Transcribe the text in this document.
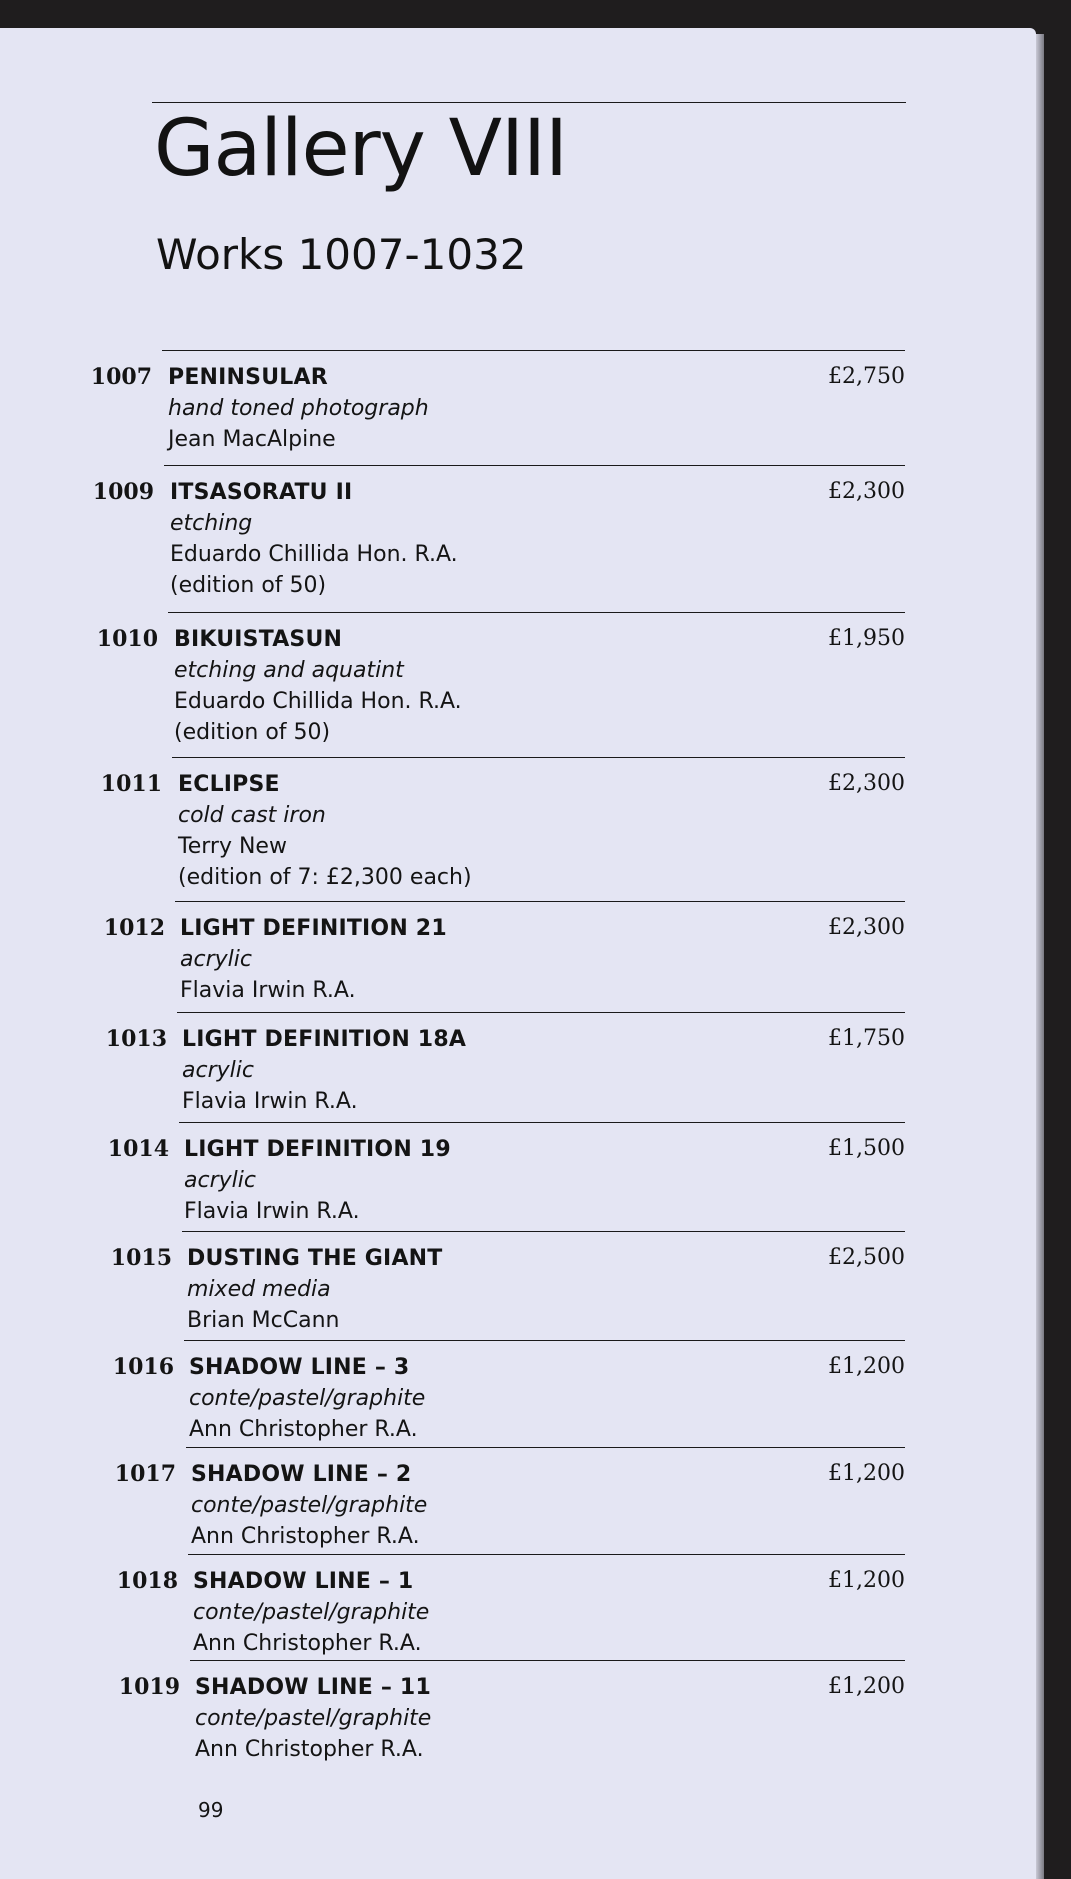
Gallery VIII
Works 1007-1032
1007 PENINSULAR
hand toned photograph
Jean MacAlpine
£2,750
1009 ITSASORATU II
etching
Eduardo Chillida Hon. R.A.
(edition of 50)
£2,300
1010 BIKUISTASUN
etching and aquatint
Eduardo Chillida Hon. R.A.
(edition of 50)
£1,950
1011 ECLIPSE
cold cast iron
Terry New
(edition of 7: £2,300 each)
£2,300
1012 LIGHT DEFINITION 21
acrylic
Flavia Irwin R.A.
£2,300
1013 LIGHT DEFINITION 18A
acrylic
Flavia Irwin R.A.
£1,750
1014 LIGHT DEFINITION 19
acrylic
Flavia Irwin R.A.
£1,500
1015 DUSTING THE GIANT
mixed media
Brian McCann
£2,500
1016 SHADOW LINE – 3
conte/pastel/graphite
Ann Christopher R.A.
£1,200
1017 SHADOW LINE – 2
conte/pastel/graphite
Ann Christopher R.A.
£1,200
1018 SHADOW LINE – 1
conte/pastel/graphite
Ann Christopher R.A.
£1,200
1019 SHADOW LINE – 11
conte/pastel/graphite
Ann Christopher R.A.
£1,200
99
